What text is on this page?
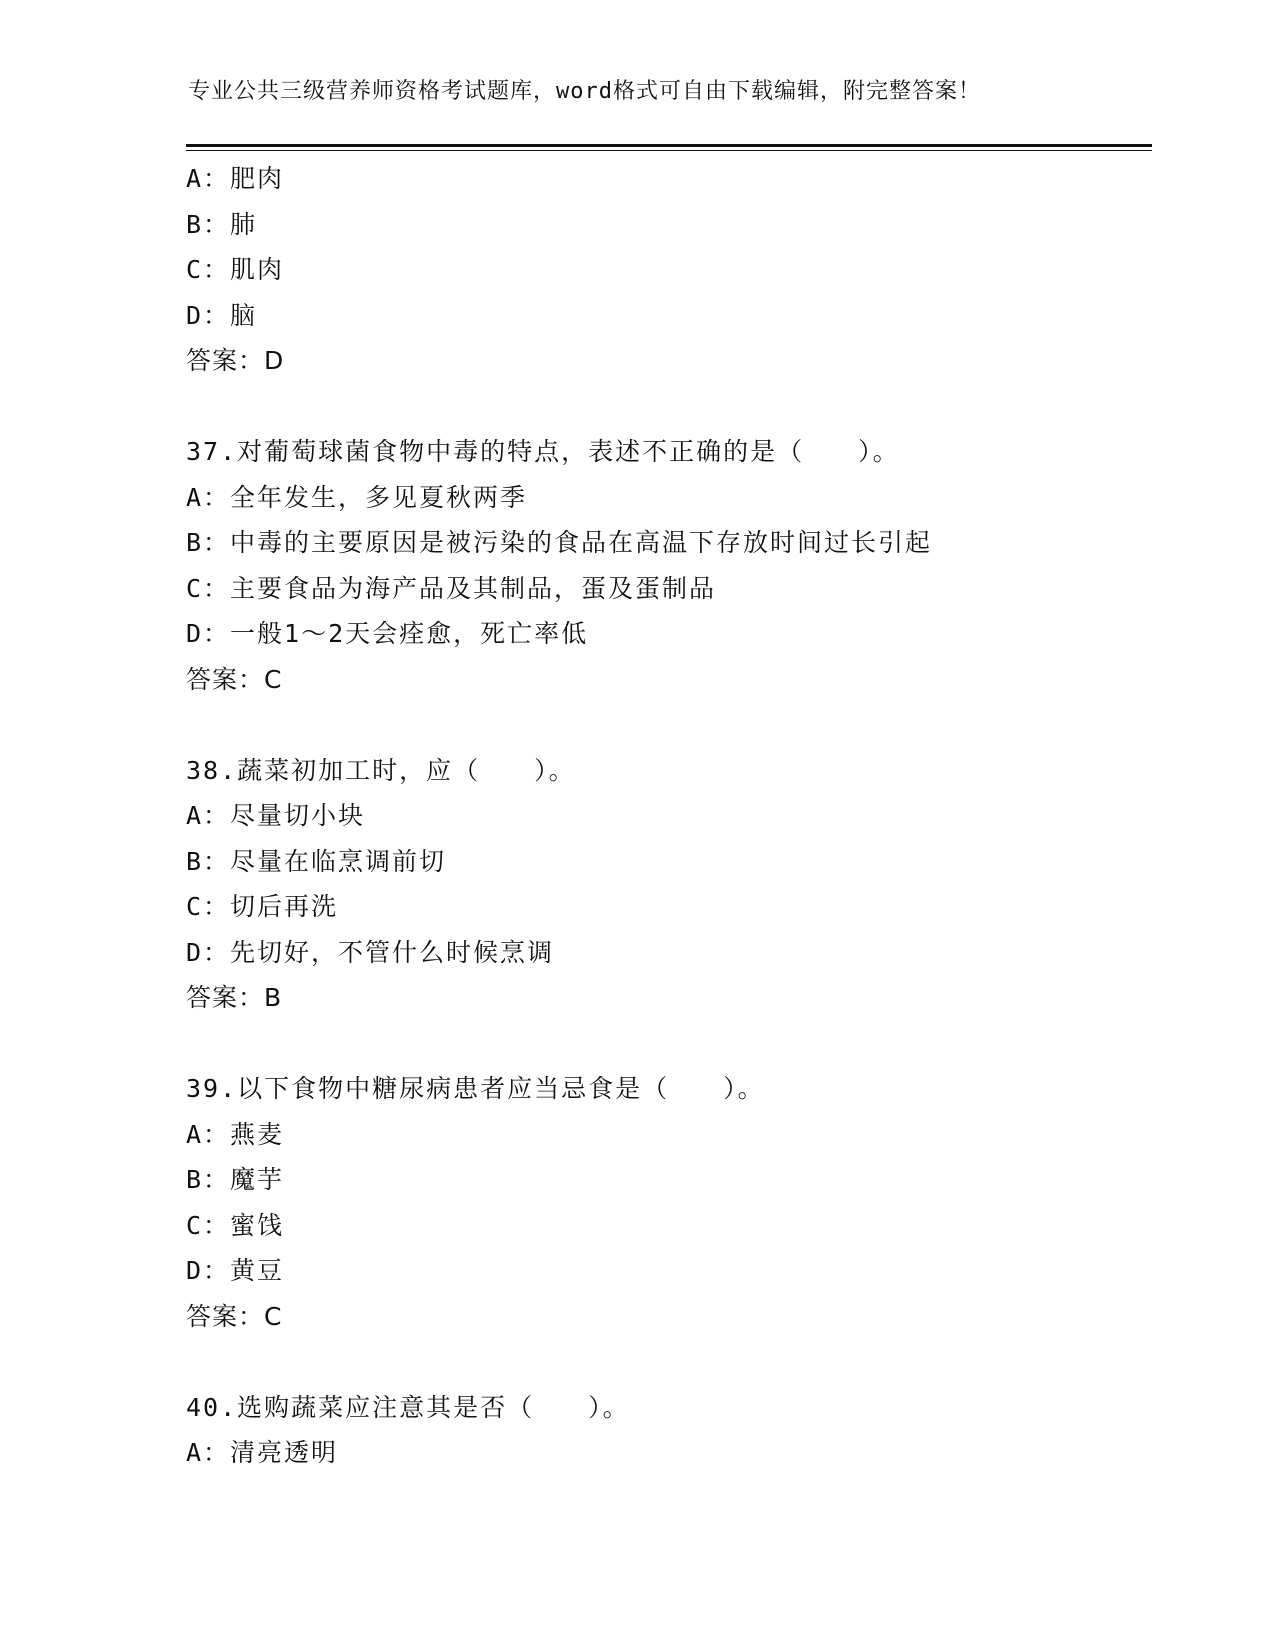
专业公共三级营养师资格考试题库，word格式可自由下载编辑，附完整答案！
A：肥肉
B：肺
C：肌肉
D：脑
答案：D
37.对葡萄球菌食物中毒的特点，表述不正确的是（　　）。
A：全年发生，多见夏秋两季
B：中毒的主要原因是被污染的食品在高温下存放时间过长引起
C：主要食品为海产品及其制品，蛋及蛋制品
D：一般1～2天会痊愈，死亡率低
答案：C
38.蔬菜初加工时，应（　　）。
A：尽量切小块
B：尽量在临烹调前切
C：切后再洗
D：先切好，不管什么时候烹调
答案：B
39.以下食物中糖尿病患者应当忌食是（　　）。
A：燕麦
B：魔芋
C：蜜饯
D：黄豆
答案：C
40.选购蔬菜应注意其是否（　　）。
A：清亮透明
